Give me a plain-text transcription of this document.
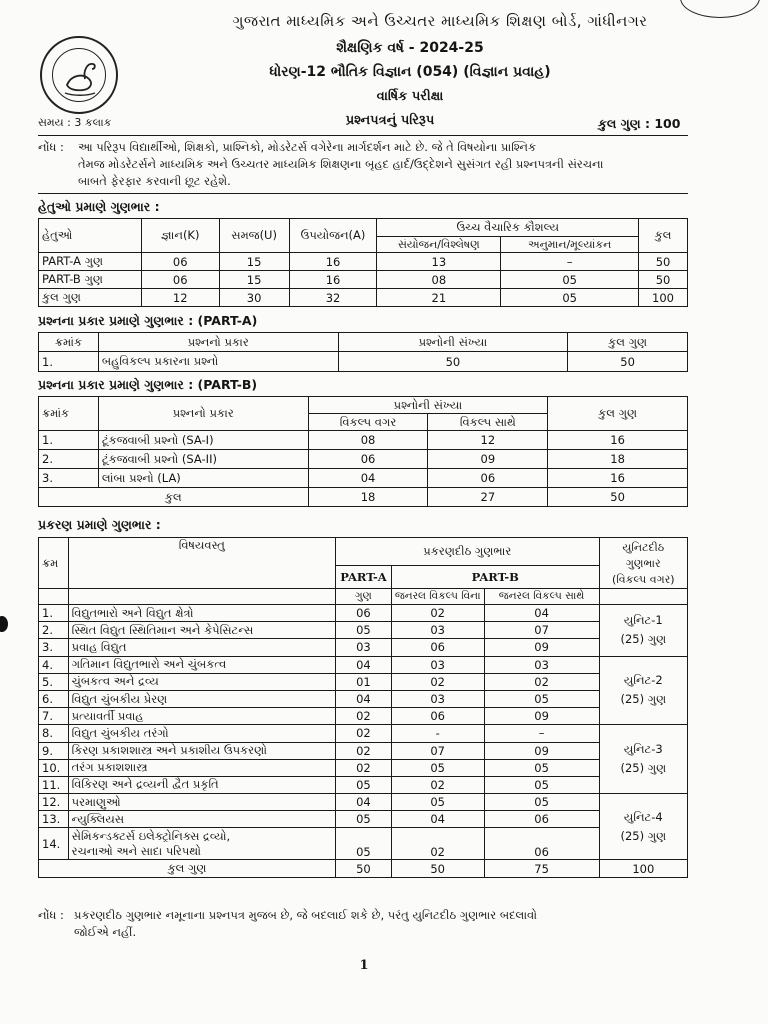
ગુજરાત માધ્યમિક અને ઉચ્ચતર માધ્યમિક શિક્ષણ બોર્ડ, ગાંધીનગર
શૈક્ષણિક વર્ષ - 2024-25
ધોરણ-12 ભૌતિક વિજ્ઞાન (054) (વિજ્ઞાન પ્રવાહ)
વાર્ષિક પરીક્ષા
સમય : 3 કલાક	પ્રશ્નપત્રનું પરિરૂપ	કુલ ગુણ : 100
નોંધ :	આ પરિરૂપ વિદ્યાર્થીઓ, શિક્ષકો, પ્રાશ્નિકો, મોડરેટર્સ વગેરેના માર્ગદર્શન માટે છે. જે તે વિષયોના પ્રાશ્નિક
તેમજ મોડરેટર્સને માધ્યમિક અને ઉચ્ચતર માધ્યમિક શિક્ષણના બૃહદ હાર્દ/ઉદ્દેશને સુસંગત રહી પ્રશ્નપત્રની સંરચના
બાબતે ફેરફાર કરવાની છૂટ રહેશે.
હેતુઓ પ્રમાણે ગુણભાર :
હેતુઓ	જ્ઞાન(K)	સમજ(U)	ઉપયોજન(A)	ઉચ્ચ વૈચારિક કૌશલ્ય		કુલ
				સંયોજન/વિશ્લેષણ	અનુમાન/મૂલ્યાંકન	
PART-A ગુણ	06	15	16	13	–	50
PART-B ગુણ	06	15	16	08	05	50
કુલ ગુણ	12	30	32	21	05	100
પ્રશ્નના પ્રકાર પ્રમાણે ગુણભાર : (PART-A)
ક્રમાંક	પ્રશ્નનો પ્રકાર	પ્રશ્નોની સંખ્યા	કુલ ગુણ
1.	બહુવિકલ્પ પ્રકારના પ્રશ્નો	50	50
પ્રશ્નના પ્રકાર પ્રમાણે ગુણભાર : (PART-B)
ક્રમાંક	પ્રશ્નનો પ્રકાર	પ્રશ્નોની સંખ્યા		કુલ ગુણ
		વિકલ્પ વગર	વિકલ્પ સાથે	
1.	ટૂંકજવાબી પ્રશ્નો (SA-I)	08	12	16
2.	ટૂંકજવાબી પ્રશ્નો (SA-II)	06	09	18
3.	લાંબા પ્રશ્નો (LA)	04	06	16
કુલ		18	27	50
પ્રકરણ પ્રમાણે ગુણભાર :
ક્રમ	વિષયવસ્તુ	પ્રકરણદીઠ ગુણભાર			યુનિટદીઠ
ગુણભાર
(વિકલ્પ વગર)

		PART-A	PART-B		
		ગુણ	જનરલ વિકલ્પ વિના	જનરલ વિકલ્પ સાથે	
1.	વિદ્યુતભારો અને વિદ્યુત ક્ષેત્રો	06	02	04	યુનિટ-1
(25) ગુણ

2.	સ્થિત વિદ્યુત સ્થિતિમાન અને કેપેસિટન્સ	05	03	07	
3.	પ્રવાહ વિદ્યુત	03	06	09	
4.	ગતિમાન વિદ્યુતભારો અને ચુંબકત્વ	04	03	03	યુનિટ-2
(25) ગુણ

5.	ચુંબકત્વ અને દ્રવ્ય	01	02	02	
6.	વિદ્યુત ચુંબકીય પ્રેરણ	04	03	05	
7.	પ્રત્યાવર્તી પ્રવાહ	02	06	09	
8.	વિદ્યુત ચુંબકીય તરંગો	02	-	–	યુનિટ-3
(25) ગુણ

9.	કિરણ પ્રકાશશાસ્ત્ર અને પ્રકાશીય ઉપકરણો	02	07	09	
10.	તરંગ પ્રકાશશાસ્ત્ર	02	05	05	
11.	વિકિરણ અને દ્રવ્યની દ્વૈત પ્રકૃતિ	05	02	05	
12.	પરમાણુઓ	04	05	05	યુનિટ-4
(25) ગુણ

13.	ન્યુક્લિયસ	05	04	06	
14.	સેમિકન્ડક્ટર્સ ઇલેક્ટ્રોનિક્સ દ્રવ્યો,
રચનાઓ અને સાદા પરિપથો	05	02	06	
કુલ ગુણ		50	50	75	100
નોંધ : પ્રકરણદીઠ ગુણભાર નમૂનાના પ્રશ્નપત્ર મુજબ છે, જે બદલાઈ શકે છે, પરંતુ યુનિટદીઠ ગુણભાર બદલાવો
જોઈએ નહીં.
1
